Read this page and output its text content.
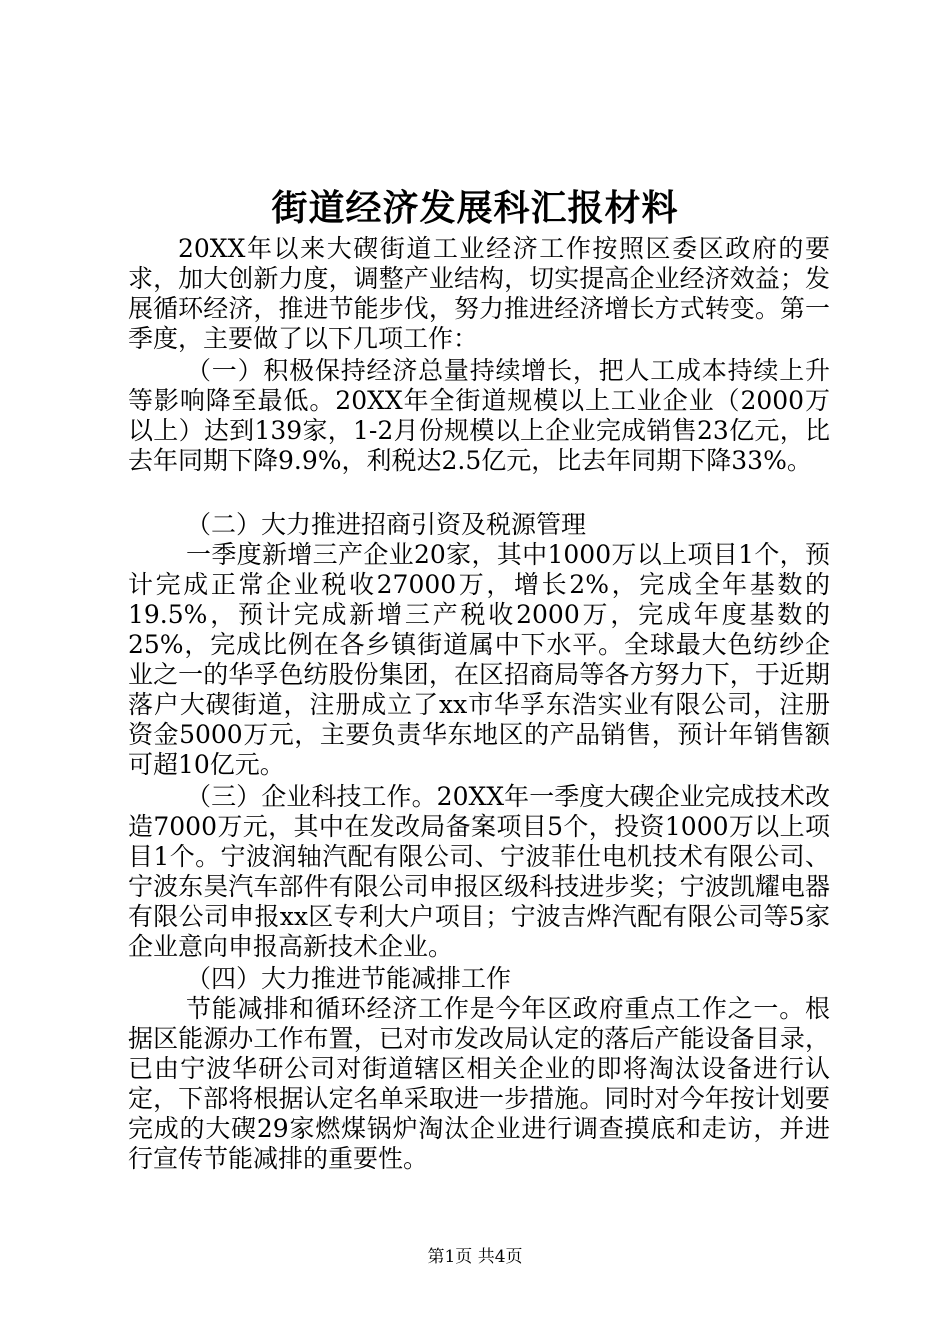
街道经济发展科汇报材料

20XX年以来大碶街道工业经济工作按照区委区政府的要求，加大创新力度，调整产业结构，切实提高企业经济效益；发展循环经济，推进节能步伐，努力推进经济增长方式转变。第一季度，主要做了以下几项工作：

（一）积极保持经济总量持续增长，把人工成本持续上升等影响降至最低。20XX年全街道规模以上工业企业（2000万以上）达到139家，1-2月份规模以上企业完成销售23亿元，比去年同期下降9.9%，利税达2.5亿元，比去年同期下降33%。

（二）大力推进招商引资及税源管理

一季度新增三产企业20家，其中1000万以上项目1个，预计完成正常企业税收27000万，增长2%，完成全年基数的19.5%，预计完成新增三产税收2000万，完成年度基数的25%，完成比例在各乡镇街道属中下水平。全球最大色纺纱企业之一的华孚色纺股份集团，在区招商局等各方努力下，于近期落户大碶街道，注册成立了xx市华孚东浩实业有限公司，注册资金5000万元，主要负责华东地区的产品销售，预计年销售额可超10亿元。

（三）企业科技工作。20XX年一季度大碶企业完成技术改造7000万元，其中在发改局备案项目5个，投资1000万以上项目1个。宁波润轴汽配有限公司、宁波菲仕电机技术有限公司、宁波东昊汽车部件有限公司申报区级科技进步奖；宁波凯耀电器有限公司申报xx区专利大户项目；宁波吉烨汽配有限公司等5家企业意向申报高新技术企业。

（四）大力推进节能减排工作

节能减排和循环经济工作是今年区政府重点工作之一。根据区能源办工作布置，已对市发改局认定的落后产能设备目录，已由宁波华研公司对街道辖区相关企业的即将淘汰设备进行认定，下部将根据认定名单采取进一步措施。同时对今年按计划要完成的大碶29家燃煤锅炉淘汰企业进行调查摸底和走访，并进行宣传节能减排的重要性。

第1页 共4页
